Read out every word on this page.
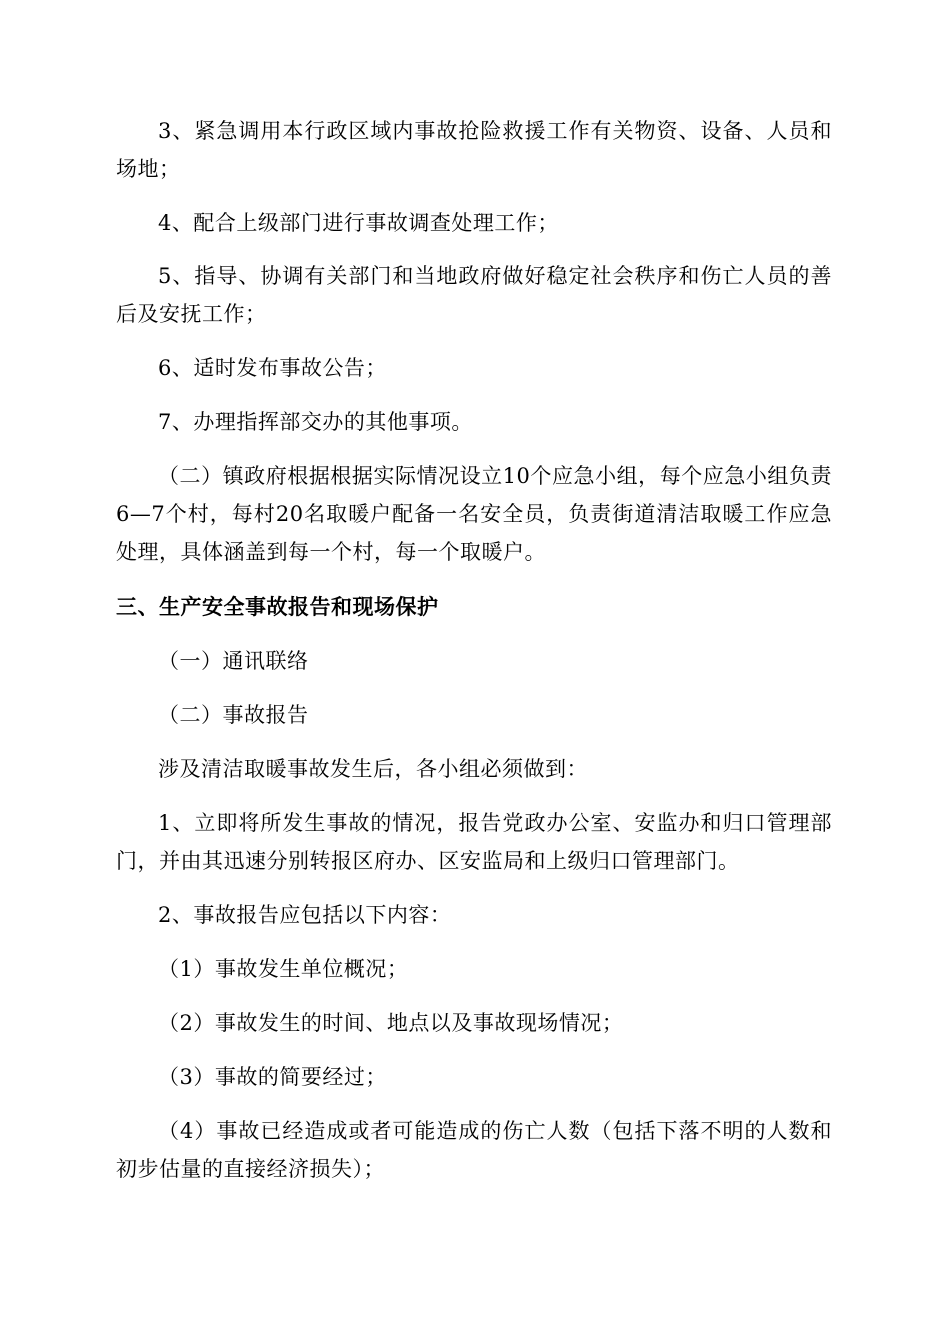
3、紧急调用本行政区域内事故抢险救援工作有关物资、设备、人员和场地；

4、配合上级部门进行事故调查处理工作；

5、指导、协调有关部门和当地政府做好稳定社会秩序和伤亡人员的善后及安抚工作；

6、适时发布事故公告；

7、办理指挥部交办的其他事项。

（二）镇政府根据根据实际情况设立10个应急小组，每个应急小组负责6—7个村，每村20名取暖户配备一名安全员，负责街道清洁取暖工作应急处理，具体涵盖到每一个村，每一个取暖户。

三、生产安全事故报告和现场保护

（一）通讯联络

（二）事故报告

涉及清洁取暖事故发生后，各小组必须做到：

1、立即将所发生事故的情况，报告党政办公室、安监办和归口管理部门，并由其迅速分别转报区府办、区安监局和上级归口管理部门。

2、事故报告应包括以下内容：

（1）事故发生单位概况；

（2）事故发生的时间、地点以及事故现场情况；

（3）事故的简要经过；

（4）事故已经造成或者可能造成的伤亡人数（包括下落不明的人数和初步估量的直接经济损失）；
